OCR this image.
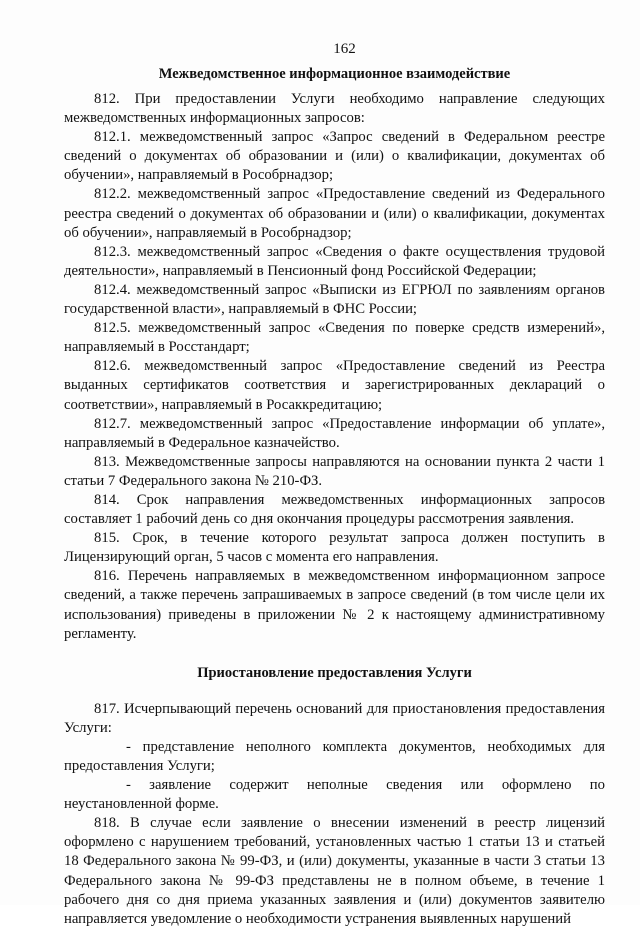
162
Межведомственное информационное взаимодействие

812. При предоставлении Услуги необходимо направление следующих межведомственных информационных запросов:

812.1. межведомственный запрос «Запрос сведений в Федеральном реестре сведений о документах об образовании и (или) о квалификации, документах об обучении», направляемый в Рособрнадзор;

812.2. межведомственный запрос «Предоставление сведений из Федерального реестра сведений о документах об образовании и (или) о квалификации, документах об обучении», направляемый в Рособрнадзор;

812.3. межведомственный запрос «Сведения о факте осуществления трудовой деятельности», направляемый в Пенсионный фонд Российской Федерации;

812.4. межведомственный запрос «Выписки из ЕГРЮЛ по заявлениям органов государственной власти», направляемый в ФНС России;

812.5. межведомственный запрос «Сведения по поверке средств измерений», направляемый в Росстандарт;

812.6. межведомственный запрос «Предоставление сведений из Реестра выданных сертификатов соответствия и зарегистрированных деклараций о соответствии», направляемый в Росаккредитацию;

812.7. межведомственный запрос «Предоставление информации об уплате», направляемый в Федеральное казначейство.

813. Межведомственные запросы направляются на основании пункта 2 части 1 статьи 7 Федерального закона № 210-ФЗ.

814. Срок направления межведомственных информационных запросов составляет 1 рабочий день со дня окончания процедуры рассмотрения заявления.

815. Срок, в течение которого результат запроса должен поступить в Лицензирующий орган, 5 часов с момента его направления.

816. Перечень направляемых в межведомственном информационном запросе сведений, а также перечень запрашиваемых в запросе сведений (в том числе цели их использования) приведены в приложении № 2 к настоящему административному регламенту.

Приостановление предоставления Услуги

817. Исчерпывающий перечень оснований для приостановления предоставления Услуги:

- представление неполного комплекта документов, необходимых для предоставления Услуги;

- заявление содержит неполные сведения или оформлено по неустановленной форме.

818. В случае если заявление о внесении изменений в реестр лицензий оформлено с нарушением требований, установленных частью 1 статьи 13 и статьей 18 Федерального закона № 99-ФЗ, и (или) документы, указанные в части 3 статьи 13 Федерального закона № 99-ФЗ представлены не в полном объеме, в течение 1 рабочего дня со дня приема указанных заявления и (или) документов заявителю направляется уведомление о необходимости устранения выявленных нарушений
